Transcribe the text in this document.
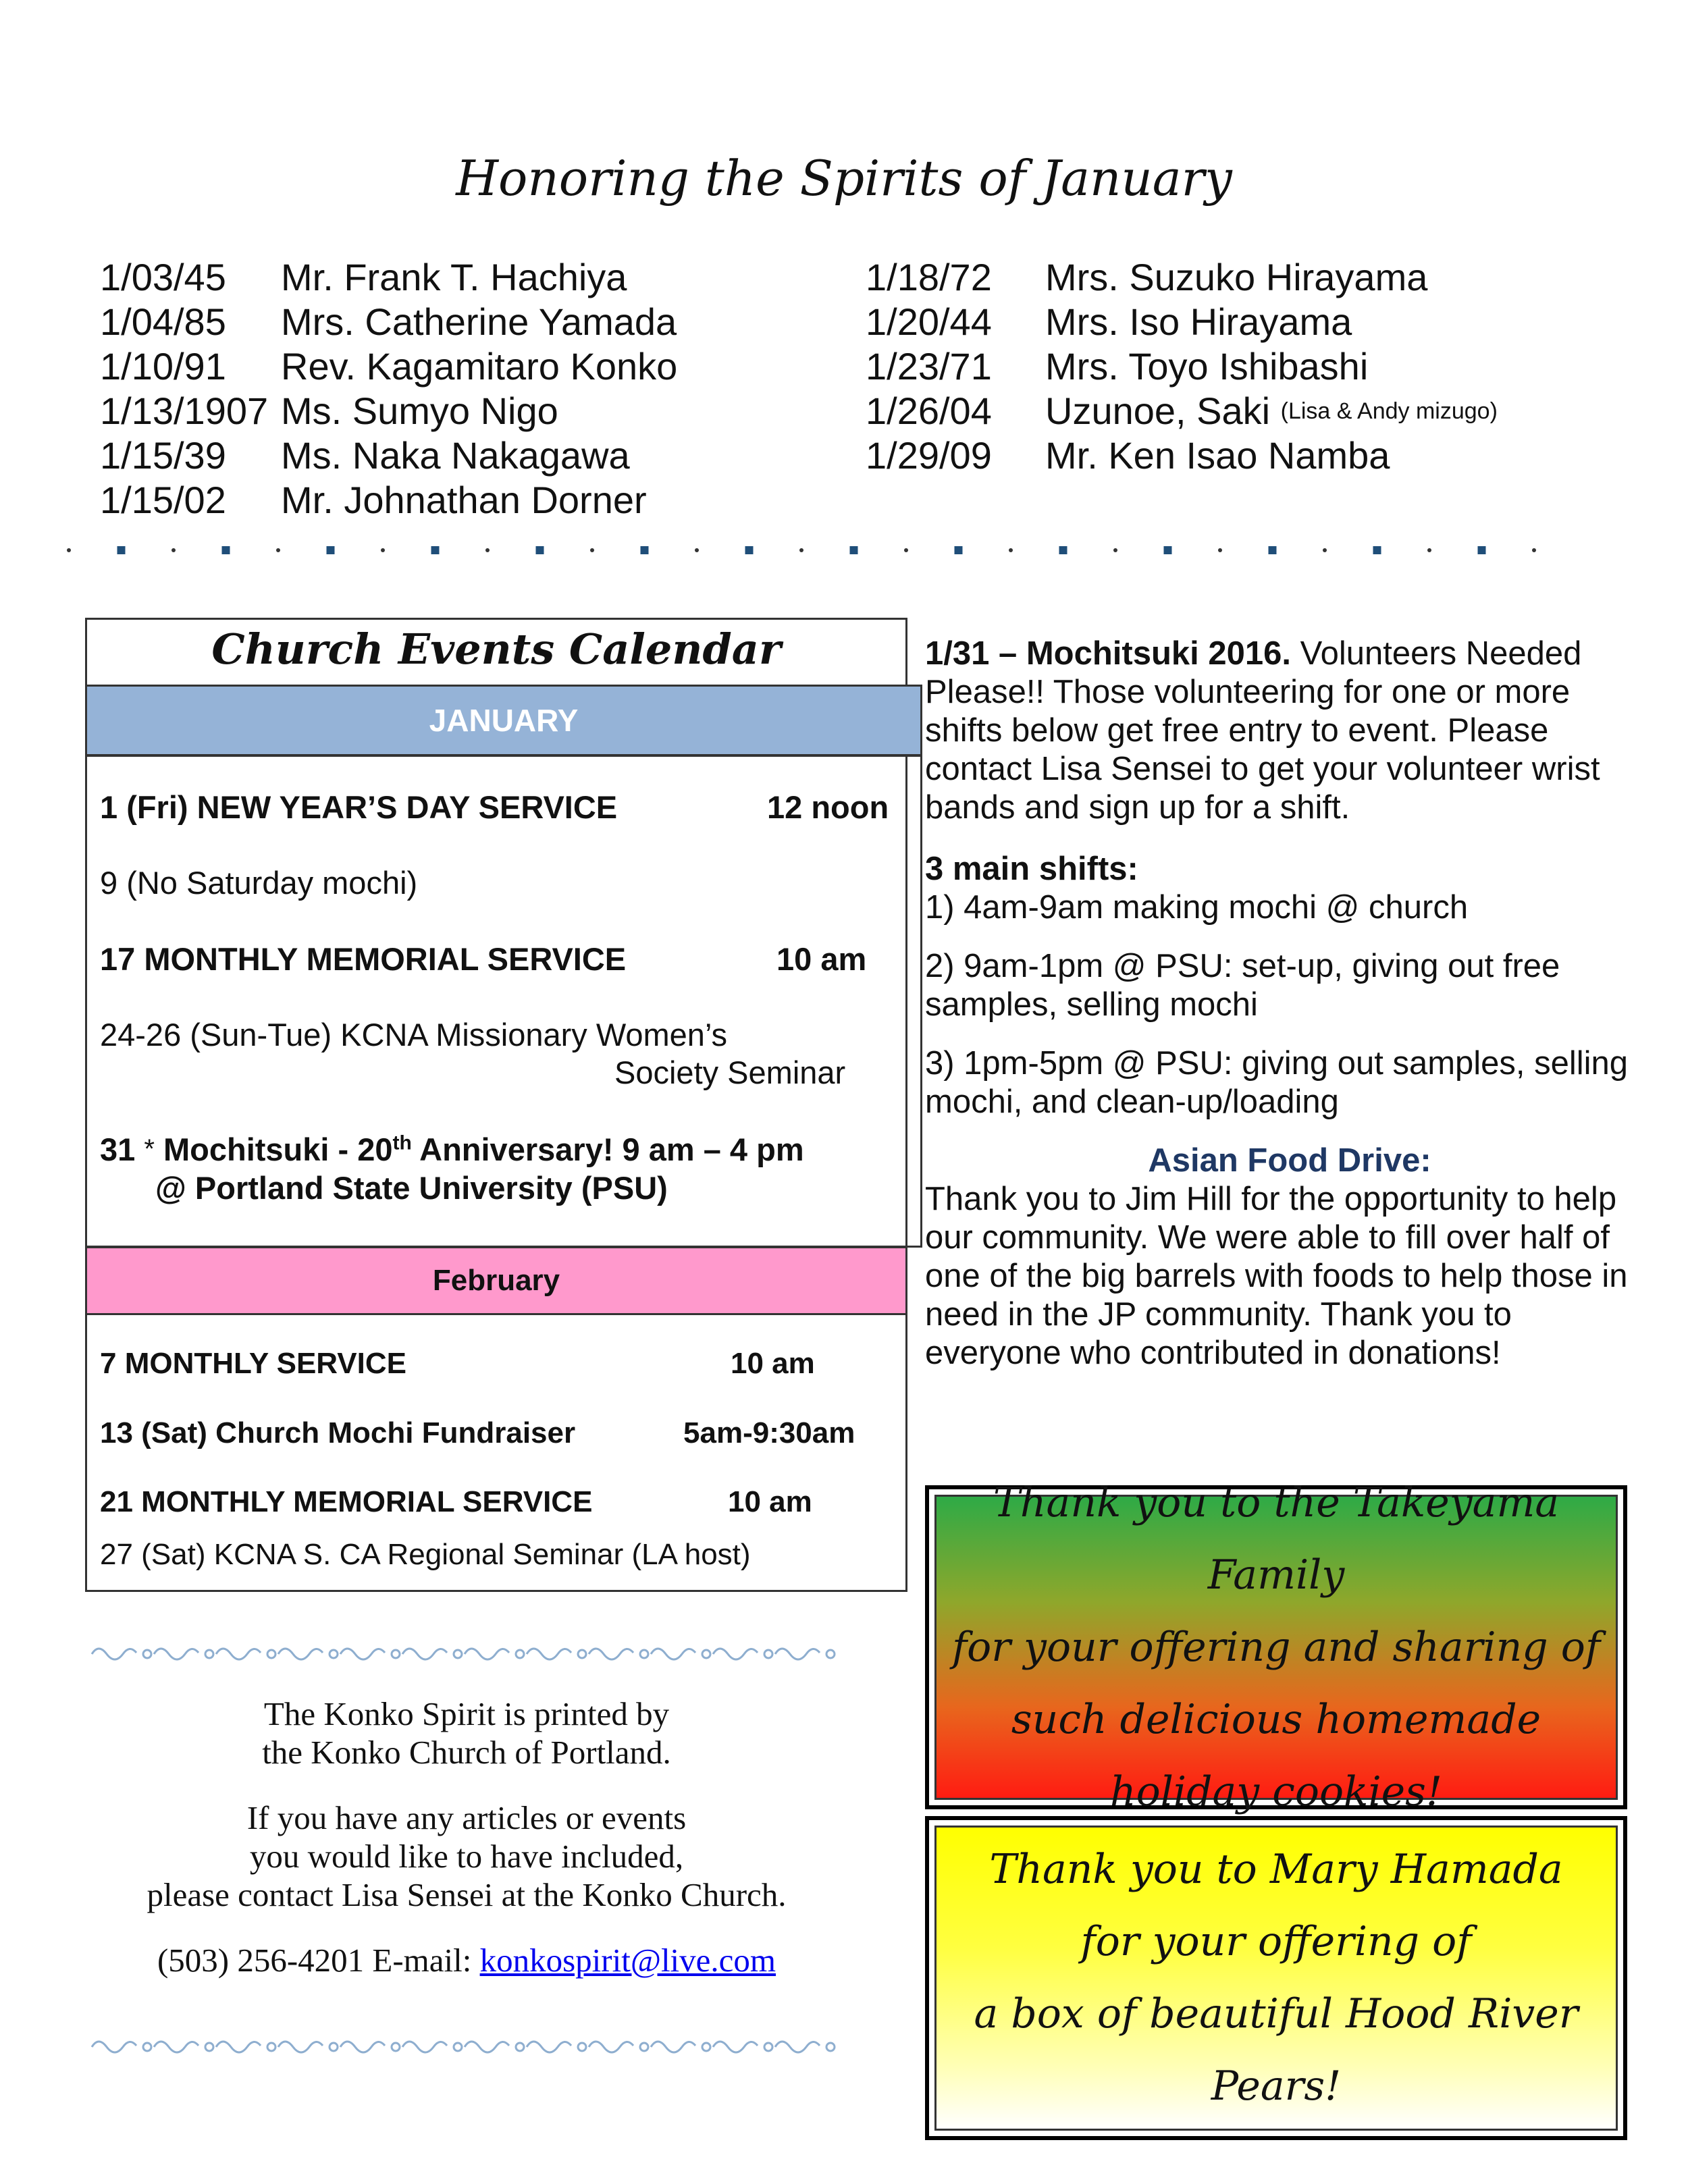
Honoring the Spirits of January
1/03/45	Mr. Frank T. Hachiya
1/04/85	Mrs. Catherine Yamada
1/10/91	Rev. Kagamitaro Konko
1/13/1907 Ms. Sumyo Nigo
1/15/39	Ms. Naka Nakagawa
1/15/02	Mr. Johnathan Dorner
1/18/72	Mrs. Suzuko Hirayama
1/20/44	Mrs. Iso Hirayama
1/23/71	Mrs. Toyo Ishibashi
1/26/04	Uzunoe, Saki
(Lisa & Andy mizugo)
1/29/09	Mr. Ken Isao Namba
Church Events Calendar
JANUARY
1 (Fri) NEW YEAR’S DAY SERVICE	12 noon
9 (No Saturday mochi)
17 MONTHLY MEMORIAL SERVICE	10 am
24-26 (Sun-Tue) KCNA Missionary Women’s
Society Seminar
31 * Mochitsuki - 20th Anniversary! 9 am – 4 pm
@ Portland State University (PSU)
February
7 MONTHLY SERVICE	10 am
13 (Sat) Church Mochi Fundraiser	5am-9:30am
21 MONTHLY MEMORIAL SERVICE	10 am
27 (Sat) KCNA S. CA Regional Seminar (LA host)

1/31 – Mochitsuki 2016. Volunteers Needed Please!! Those volunteering for one or more shifts below get free entry to event. Please contact Lisa Sensei to get your volunteer wrist bands and sign up for a shift.

3 main shifts:
1) 4am-9am making mochi @ church

2) 9am-1pm @ PSU: set-up, giving out free samples, selling mochi

3) 1pm-5pm @ PSU: giving out samples, selling mochi, and clean-up/loading

Asian Food Drive:

Thank you to Jim Hill for the opportunity to help our community. We were able to fill over half of one of the big barrels with foods to help those in need in the JP community. Thank you to everyone who contributed in donations!

Thank you to the Takeyama Family
for your offering and sharing of
such delicious homemade
holiday cookies!
Thank you to Mary Hamada
for your offering of
a box of beautiful Hood River Pears!

The Konko Spirit is printed by
the Konko Church of Portland.

If you have any articles or events
you would like to have included,
please contact Lisa Sensei at the Konko Church.

(503) 256-4201 E-mail: konkospirit@live.com
